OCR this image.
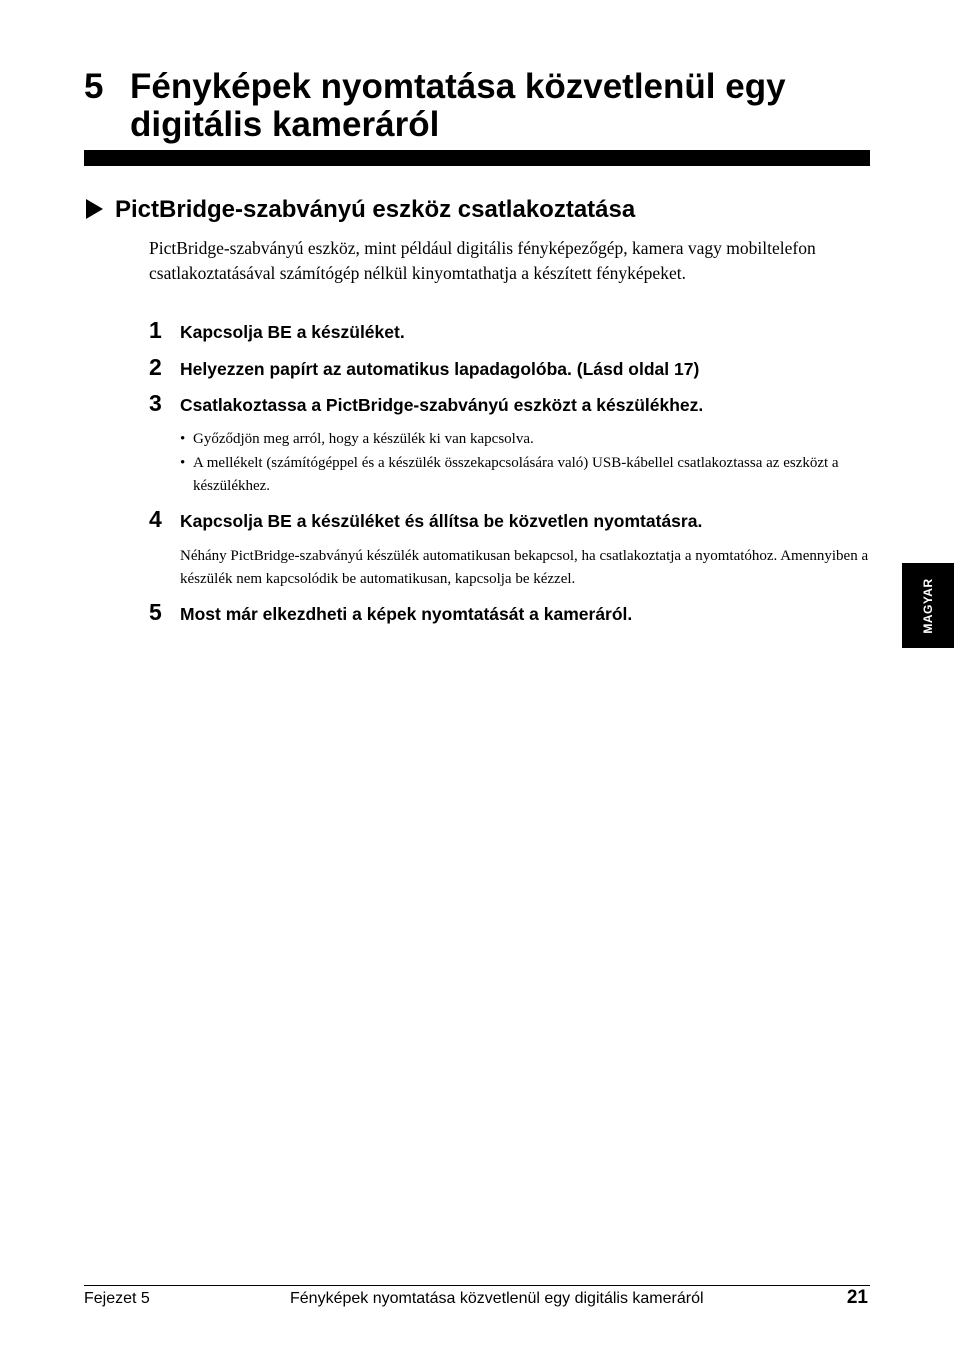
5 Fényképek nyomtatása közvetlenül egy digitális kameráról
PictBridge-szabványú eszköz csatlakoztatása

PictBridge-szabványú eszköz, mint például digitális fényképezőgép, kamera vagy mobiltelefon csatlakoztatásával számítógép nélkül kinyomtathatja a készített fényképeket.

1 Kapcsolja BE a készüléket.
2 Helyezzen papírt az automatikus lapadagolóba. (Lásd oldal 17)
3 Csatlakoztassa a PictBridge-szabványú eszközt a készülékhez.
• Győződjön meg arról, hogy a készülék ki van kapcsolva.
• A mellékelt (számítógéppel és a készülék összekapcsolására való) USB-kábellel csatlakoztassa az eszközt a készülékhez.
4 Kapcsolja BE a készüléket és állítsa be közvetlen nyomtatásra.

Néhány PictBridge-szabványú készülék automatikusan bekapcsol, ha csatlakoztatja a nyomtatóhoz. Amennyiben a készülék nem kapcsolódik be automatikusan, kapcsolja be kézzel.

5 Most már elkezdheti a képek nyomtatását a kameráról.	MAGYAR
Fejezet 5	Fényképek nyomtatása közvetlenül egy digitális kameráról	21
